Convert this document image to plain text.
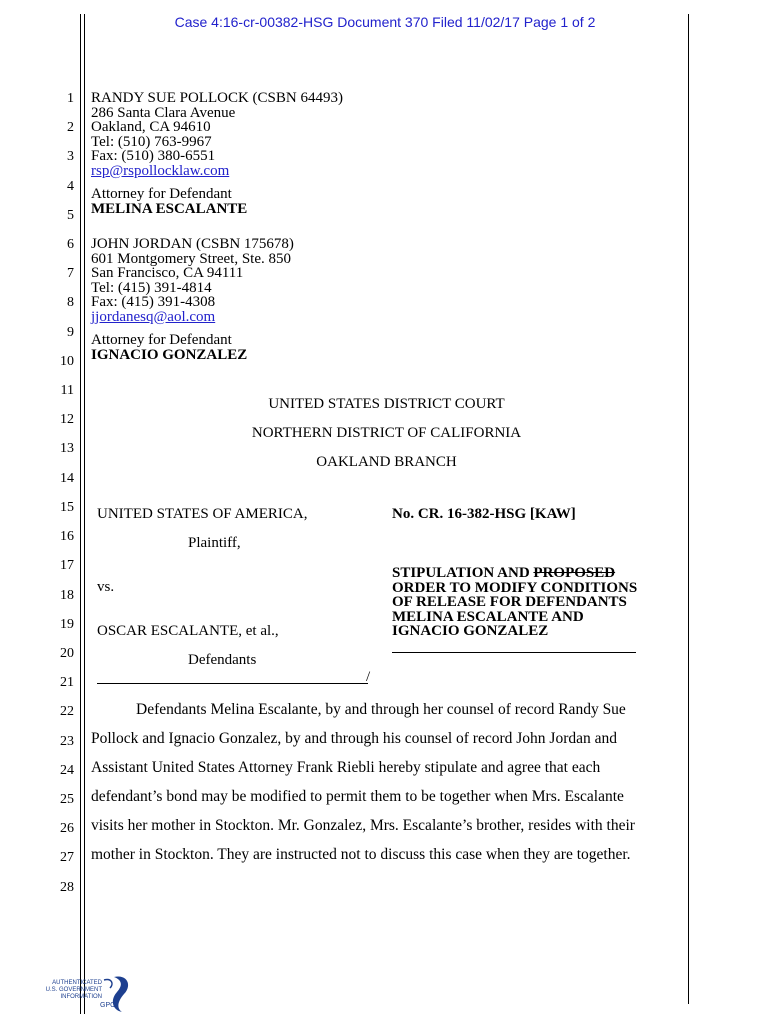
Case 4:16-cr-00382-HSG Document 370 Filed 11/02/17 Page 1 of 2
1
2
3
4
5
6
7
8
9
10
11
12
13
14
15
16
17
18
19
20
21
22
23
24
25
26
27
28
RANDY SUE POLLOCK (CSBN 64493)
286 Santa Clara Avenue
Oakland, CA 94610
Tel: (510) 763-9967
Fax: (510) 380-6551
rsp@rspollocklaw.com
Attorney for Defendant
MELINA ESCALANTE
JOHN JORDAN (CSBN 175678)
601 Montgomery Street, Ste. 850
San Francisco, CA 94111
Tel: (415) 391-4814
Fax: (415) 391-4308
jjordanesq@aol.com
Attorney for Defendant
IGNACIO GONZALEZ
UNITED STATES DISTRICT COURT
NORTHERN DISTRICT OF CALIFORNIA
OAKLAND BRANCH
UNITED STATES OF AMERICA,
Plaintiff,
vs.
OSCAR ESCALANTE, et al.,
Defendants
/
No. CR. 16-382-HSG [KAW]
STIPULATION AND PROPOSED
ORDER TO MODIFY CONDITIONS
OF RELEASE FOR DEFENDANTS
MELINA ESCALANTE AND
IGNACIO GONZALEZ
Defendants Melina Escalante, by and through her counsel of record Randy Sue
Pollock and Ignacio Gonzalez, by and through his counsel of record John Jordan and
Assistant United States Attorney Frank Riebli hereby stipulate and agree that each
defendant’s bond may be modified to permit them to be together when Mrs. Escalante
visits her mother in Stockton. Mr. Gonzalez, Mrs. Escalante’s brother, resides with their
mother in Stockton. They are instructed not to discuss this case when they are together.
AUTHENTICATED
U.S. GOVERNMENT
INFORMATION
GPO
